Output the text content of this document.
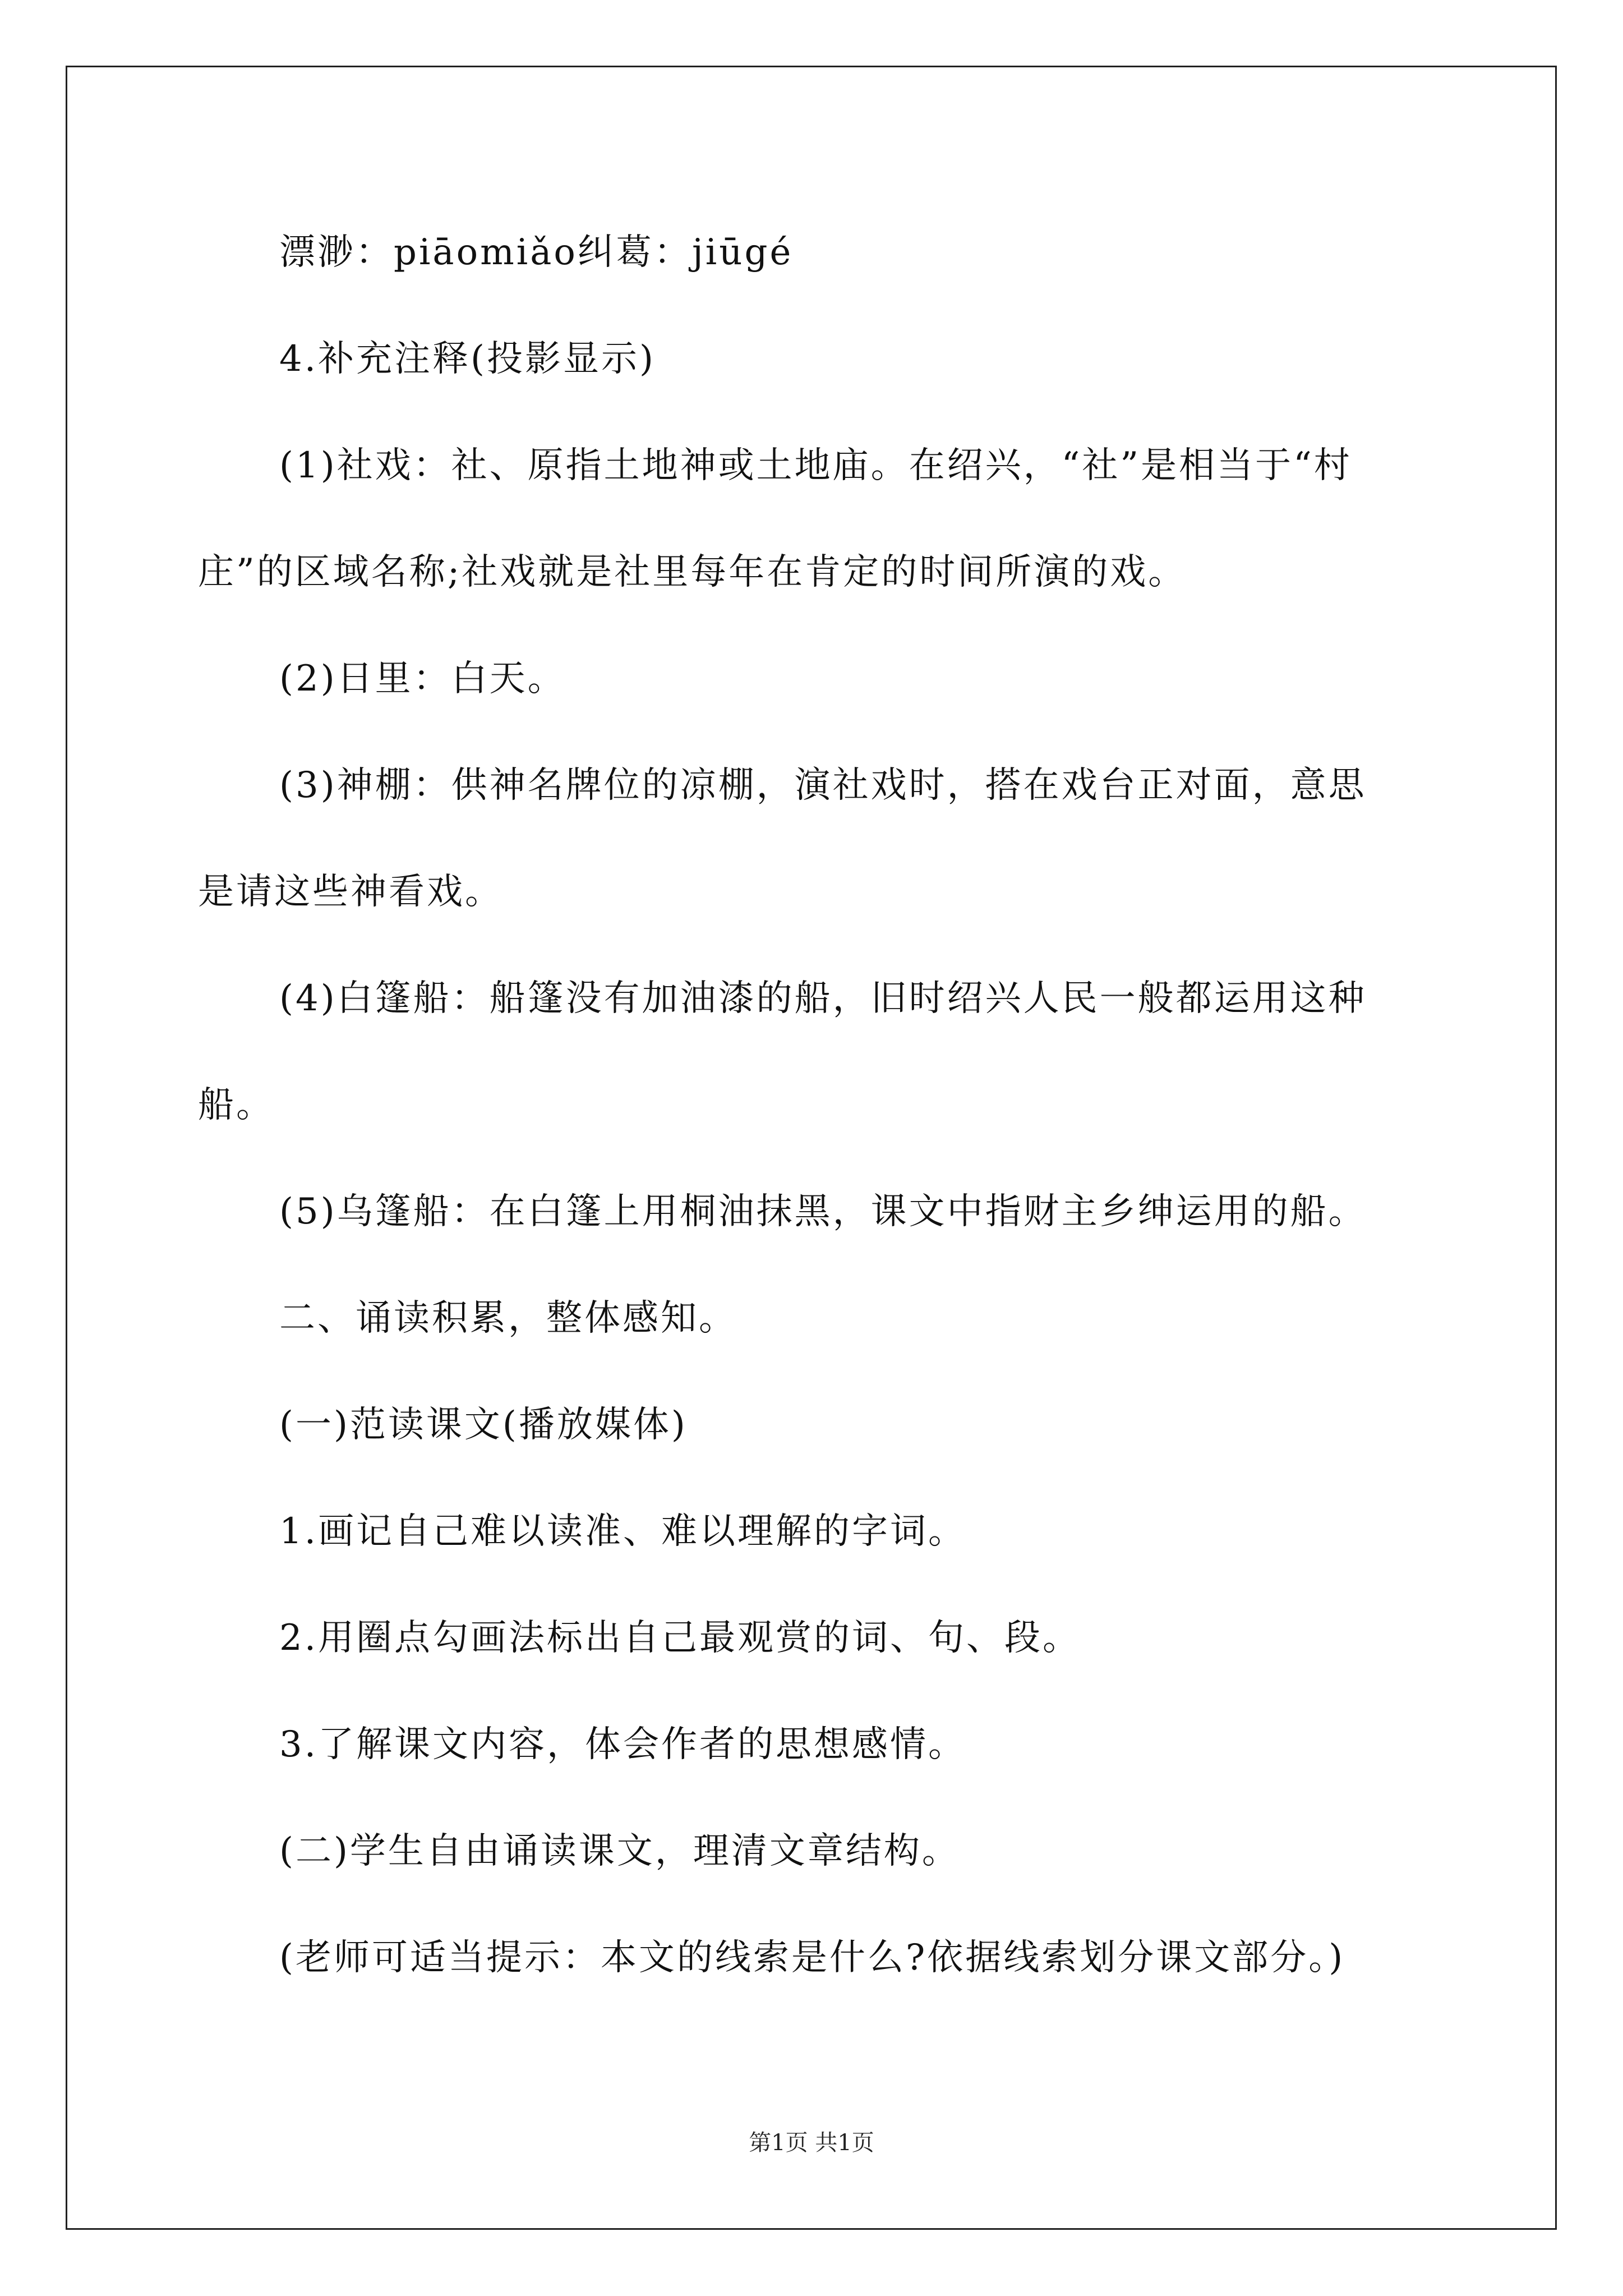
漂渺：piāomiǎo纠葛：jiūgé
4.补充注释(投影显示)
(1)社戏：社、原指土地神或土地庙。在绍兴，“社”是相当于“村
庄”的区域名称;社戏就是社里每年在肯定的时间所演的戏。
(2)日里：白天。
(3)神棚：供神名牌位的凉棚，演社戏时，搭在戏台正对面，意思
是请这些神看戏。
(4)白篷船：船篷没有加油漆的船，旧时绍兴人民一般都运用这种
船。
(5)乌篷船：在白篷上用桐油抹黑，课文中指财主乡绅运用的船。
二、诵读积累，整体感知。
(一)范读课文(播放媒体)
1.画记自己难以读准、难以理解的字词。
2.用圈点勾画法标出自己最观赏的词、句、段。
3.了解课文内容，体会作者的思想感情。
(二)学生自由诵读课文，理清文章结构。
(老师可适当提示：本文的线索是什么?依据线索划分课文部分。)
第1页 共1页
